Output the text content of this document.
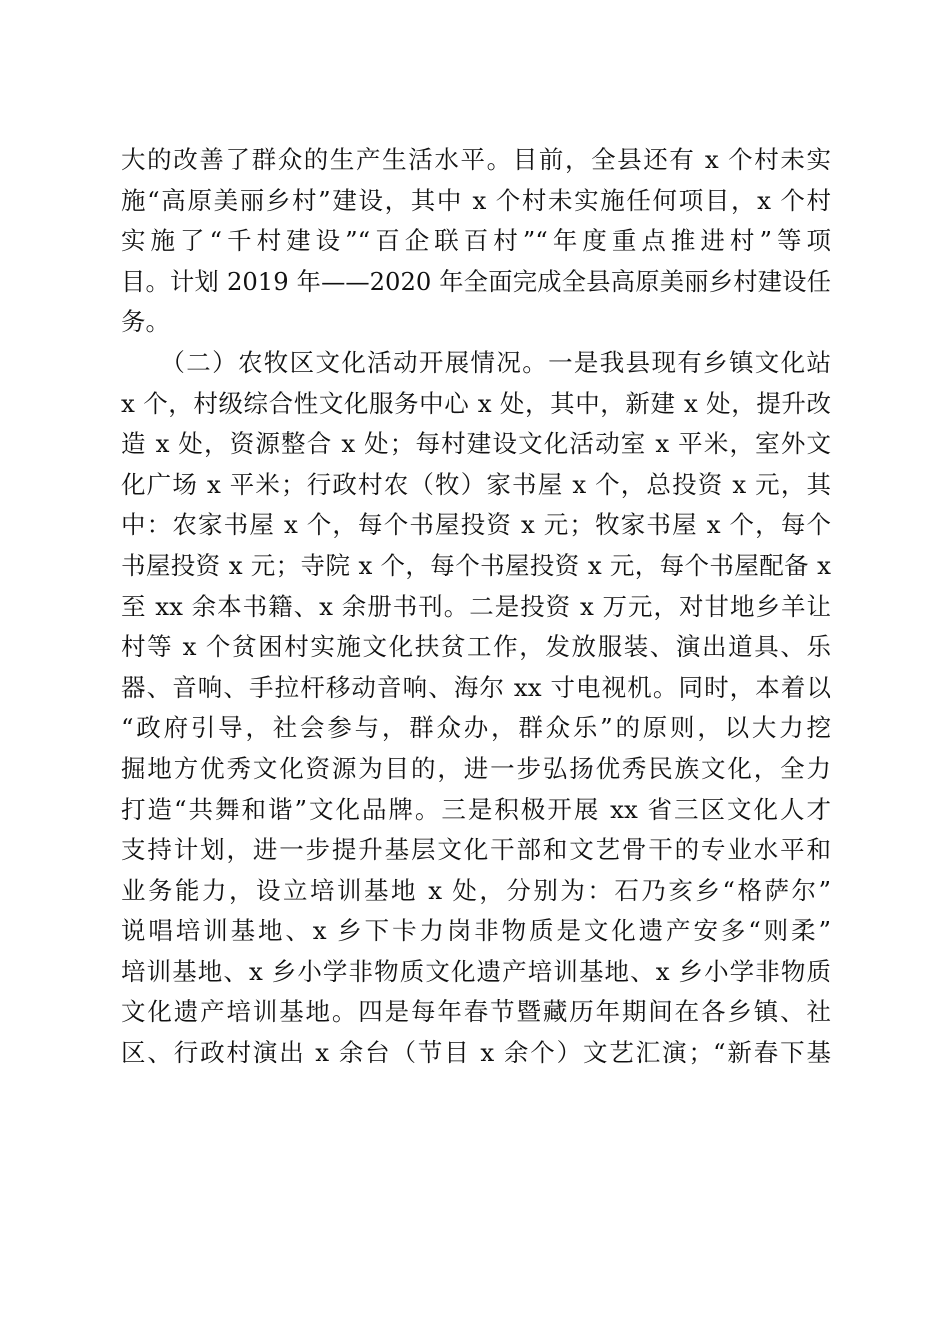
大的改善了群众的生产生活水平。目前，全县还有 x 个村未实
施“高原美丽乡村”建设，其中 x 个村未实施任何项目，x 个村
实施了“千村建设”“百企联百村”“年度重点推进村”等项
目。计划 2019 年——2020 年全面完成全县高原美丽乡村建设任
务。
　　（二）农牧区文化活动开展情况。一是我县现有乡镇文化站
x 个，村级综合性文化服务中心 x 处，其中，新建 x 处，提升改
造 x 处，资源整合 x 处；每村建设文化活动室 x 平米，室外文
化广场 x 平米；行政村农（牧）家书屋 x 个，总投资 x 元，其
中：农家书屋 x 个，每个书屋投资 x 元；牧家书屋 x 个，每个
书屋投资 x 元；寺院 x 个，每个书屋投资 x 元，每个书屋配备 x
至 xx 余本书籍、x 余册书刊。二是投资 x 万元，对甘地乡羊让
村等 x 个贫困村实施文化扶贫工作，发放服装、演出道具、乐
器、音响、手拉杆移动音响、海尔 xx 寸电视机。同时，本着以
“政府引导，社会参与，群众办，群众乐”的原则，以大力挖
掘地方优秀文化资源为目的，进一步弘扬优秀民族文化，全力
打造“共舞和谐”文化品牌。三是积极开展 xx 省三区文化人才
支持计划，进一步提升基层文化干部和文艺骨干的专业水平和
业务能力，设立培训基地 x 处，分别为：石乃亥乡“格萨尔”
说唱培训基地、x 乡下卡力岗非物质是文化遗产安多“则柔”
培训基地、x 乡小学非物质文化遗产培训基地、x 乡小学非物质
文化遗产培训基地。四是每年春节暨藏历年期间在各乡镇、社
区、行政村演出 x 余台（节目 x 余个）文艺汇演；“新春下基
